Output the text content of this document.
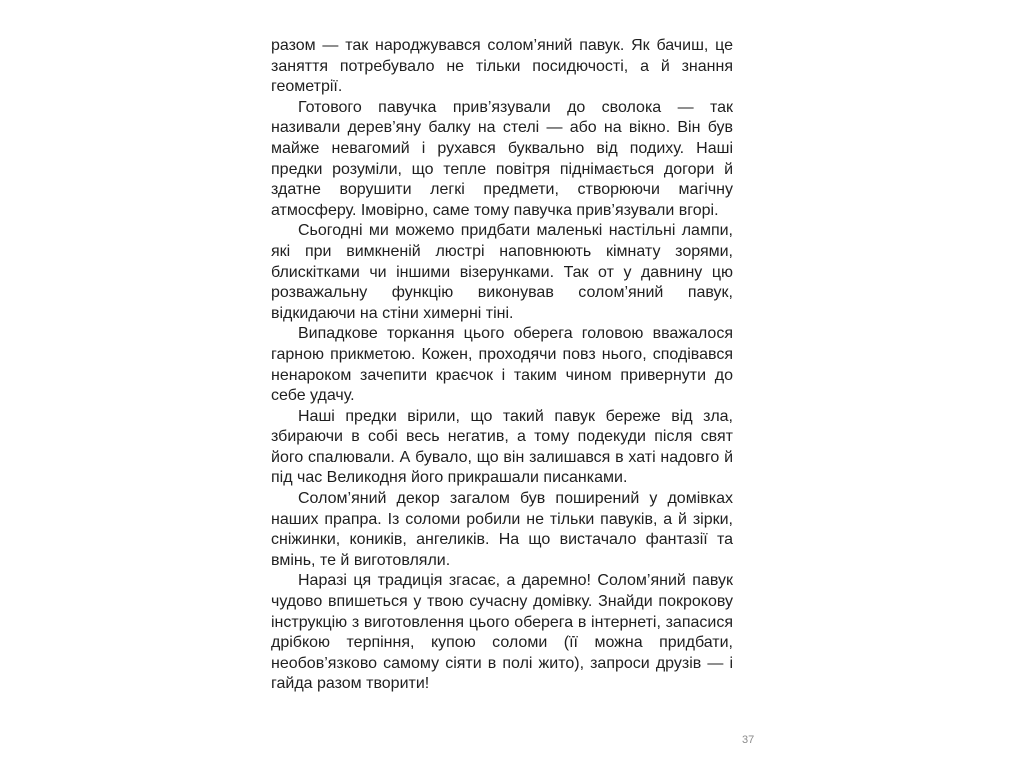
разом — так народжувався солом’яний павук. Як бачиш, це заняття потребувало не тільки посидючості, а й знання геометрії.

Готового павучка прив’язували до сволока — так називали дерев’яну балку на стелі — або на вікно. Він був майже невагомий і рухався буквально від подиху. Наші предки розуміли, що тепле повітря піднімається догори й здатне ворушити легкі предмети, створюючи магічну атмосферу. Імовірно, саме тому павучка прив’язували вгорі.

Сьогодні ми можемо придбати маленькі настільні лампи, які при вимкненій люстрі наповнюють кімнату зорями, блискітками чи іншими візерунками. Так от у давнину цю розважальну функцію виконував солом’яний павук, відкидаючи на стіни химерні тіні.

Випадкове торкання цього оберега головою вважалося гарною прикметою. Кожен, проходячи повз нього, сподівався ненароком зачепити краєчок і таким чином привернути до себе удачу.

Наші предки вірили, що такий павук береже від зла, збираючи в собі весь негатив, а тому подекуди після свят його спалювали. А бувало, що він залишався в хаті надовго й під час Великодня його прикрашали писанками.

Солом’яний декор загалом був поширений у домівках наших прапра. Із соломи робили не тільки павуків, а й зірки, сніжинки, коників, ангеликів. На що вистачало фантазії та вмінь, те й виготовляли.

Наразі ця традиція згасає, а даремно! Солом’яний павук чудово впишеться у твою сучасну домівку. Знайди покрокову інструкцію з виготовлення цього оберега в інтернеті, запасися дрібкою терпіння, купою соломи (її можна придбати, необов’язково самому сіяти в полі жито), запроси друзів — і гайда разом творити!

37
